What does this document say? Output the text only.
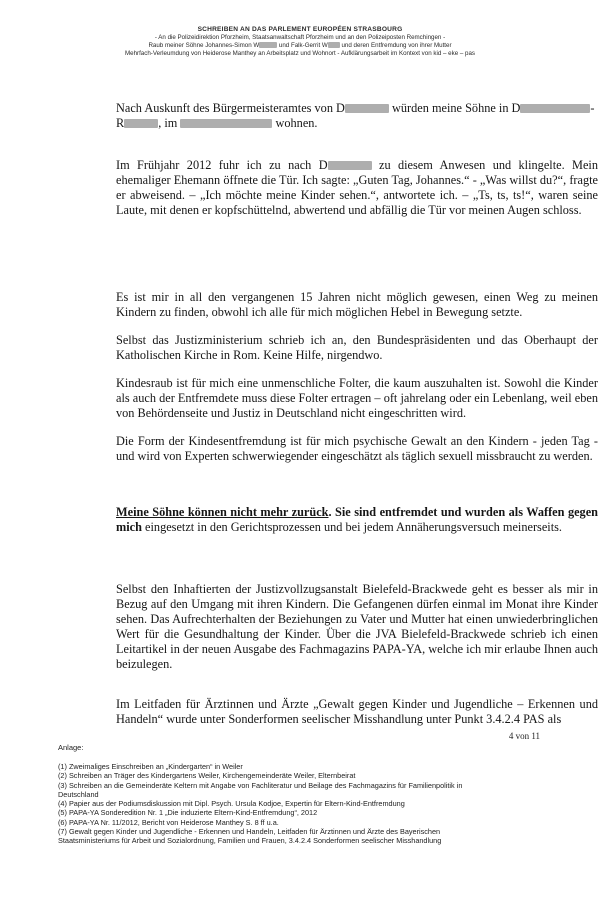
SCHREIBEN AN DAS PARLEMENT EUROPÉEN STRASBOURG
- An die Polizeidirektion Pforzheim, Staatsanwaltschaft Pforzheim und an den Polizeiposten Remchingen -
Raub meiner Söhne Johannes-Simon W	und Falk-Gerrit W und deren Entfremdung von ihrer Mutter
Mehrfach-Verleumdung von Heiderose Manthey an Arbeitsplatz und Wohnort - Aufklärungsarbeit im Kontext von kid – eke – pas

Nach Auskunft des Bürgermeisteramtes von D	würden meine Söhne in D	-
R	, im	wohnen.

Im Frühjahr 2012 fuhr ich zu nach D	zu diesem Anwesen und klingelte. Mein ehemaliger Ehemann öffnete die Tür. Ich sagte: „Guten Tag, Johannes.“ - „Was willst du?“, fragte er abweisend. – „Ich möchte meine Kinder sehen.“, antwortete ich. – „Ts, ts, ts!“, waren seine Laute, mit denen er kopfschüttelnd, abwertend und abfällig die Tür vor meinen Augen schloss.

Es ist mir in all den vergangenen 15 Jahren nicht möglich gewesen, einen Weg zu meinen Kindern zu finden, obwohl ich alle für mich möglichen Hebel in Bewegung setzte.

Selbst das Justizministerium schrieb ich an, den Bundespräsidenten und das Oberhaupt der Katholischen Kirche in Rom. Keine Hilfe, nirgendwo.

Kindesraub ist für mich eine unmenschliche Folter, die kaum auszuhalten ist. Sowohl die Kinder als auch der Entfremdete muss diese Folter ertragen – oft jahrelang oder ein Lebenlang, weil eben von Behördenseite und Justiz in Deutschland nicht eingeschritten wird.

Die Form der Kindesentfremdung ist für mich psychische Gewalt an den Kindern - jeden Tag - und wird von Experten schwerwiegender eingeschätzt als täglich sexuell missbraucht zu werden.

Meine Söhne können nicht mehr zurück. Sie sind entfremdet und wurden als Waffen gegen mich eingesetzt in den Gerichtsprozessen und bei jedem Annäherungsversuch meinerseits.

Selbst den Inhaftierten der Justizvollzugsanstalt Bielefeld-Brackwede geht es besser als mir in Bezug auf den Umgang mit ihren Kindern. Die Gefangenen dürfen einmal im Monat ihre Kinder sehen. Das Aufrechterhalten der Beziehungen zu Vater und Mutter hat einen unwiederbringlichen Wert für die Gesundhaltung der Kinder. Über die JVA Bielefeld-Brackwede schrieb ich einen Leitartikel in der neuen Ausgabe des Fachmagazins PAPA-YA, welche ich mir erlaube Ihnen auch beizulegen.

Im Leitfaden für Ärztinnen und Ärzte „Gewalt gegen Kinder und Jugendliche – Erkennen und Handeln“ wurde unter Sonderformen seelischer Misshandlung unter Punkt 3.4.2.4 PAS als

4 von 11
Anlage:
(1) Zweimaliges Einschreiben an „Kindergarten“ in Weiler
(2) Schreiben an Träger des Kindergartens Weiler, Kirchengemeinderäte Weiler, Elternbeirat
(3) Schreiben an die Gemeinderäte Keltern mit Angabe von Fachliteratur und Beilage des Fachmagazins für Familienpolitik in
Deutschland
(4) Papier aus der Podiumsdiskussion mit Dipl. Psych. Ursula Kodjoe, Expertin für Eltern-Kind-Entfremdung
(5) PAPA-YA Sonderedition Nr. 1 „Die induzierte Eltern-Kind-Entfremdung“, 2012
(6) PAPA-YA Nr. 11/2012, Bericht von Heiderose Manthey S. 8 ff u.a.
(7) Gewalt gegen Kinder und Jugendliche - Erkennen und Handeln, Leitfaden für Ärztinnen und Ärzte des Bayerischen
Staatsministeriums für Arbeit und Sozialordnung, Familien und Frauen, 3.4.2.4 Sonderformen seelischer Misshandlung
